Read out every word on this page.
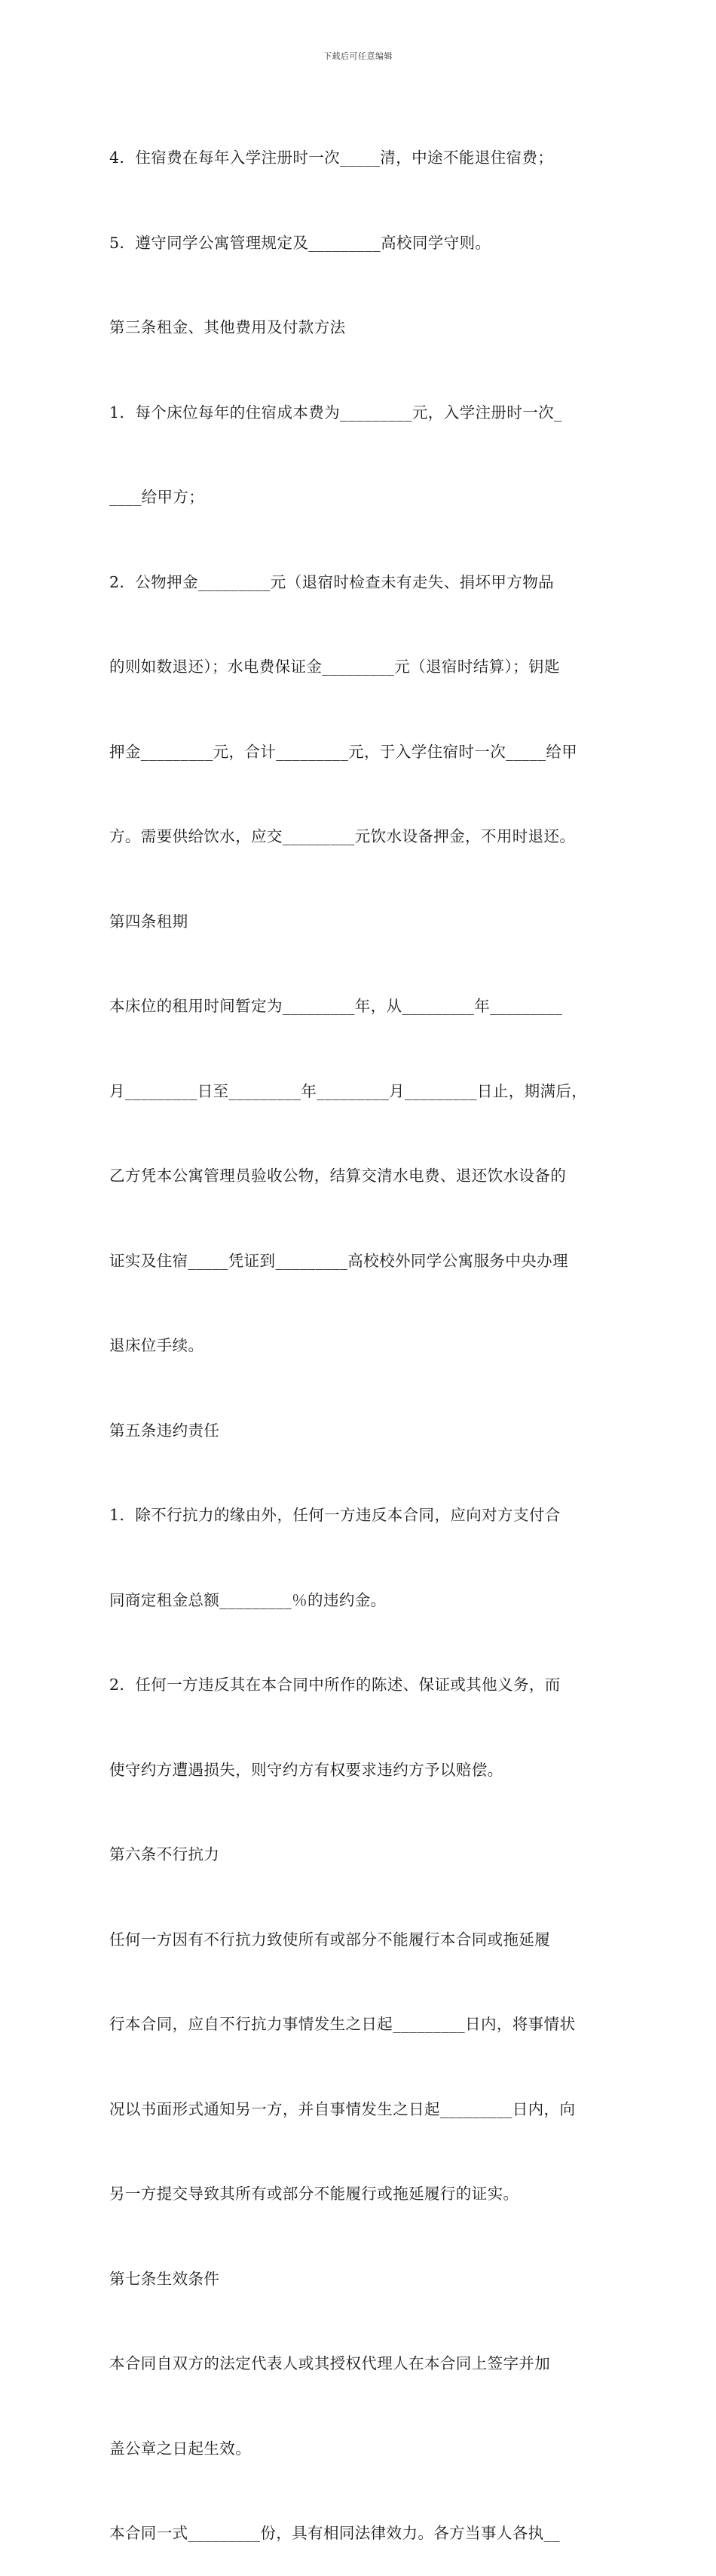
下载后可任意编辑

4．住宿费在每年入学注册时一次_____清，中途不能退住宿费；

5．遵守同学公寓管理规定及_________高校同学守则。

第三条租金、其他费用及付款方法

1．每个床位每年的住宿成本费为_________元，入学注册时一次_

____给甲方；

2．公物押金_________元（退宿时检查未有走失、捐坏甲方物品

的则如数退还）；水电费保证金_________元（退宿时结算）；钥匙

押金_________元，合计_________元，于入学住宿时一次_____给甲

方。需要供给饮水，应交_________元饮水设备押金，不用时退还。

第四条租期

本床位的租用时间暂定为_________年，从_________年_________

月_________日至_________年_________月_________日止，期满后，

乙方凭本公寓管理员验收公物，结算交清水电费、退还饮水设备的

证实及住宿_____凭证到_________高校校外同学公寓服务中央办理

退床位手续。

第五条违约责任

1．除不行抗力的缘由外，任何一方违反本合同，应向对方支付合

同商定租金总额_________％的违约金。

2．任何一方违反其在本合同中所作的陈述、保证或其他义务，而

使守约方遭遇损失，则守约方有权要求违约方予以赔偿。

第六条不行抗力

任何一方因有不行抗力致使所有或部分不能履行本合同或拖延履

行本合同，应自不行抗力事情发生之日起_________日内，将事情状

况以书面形式通知另一方，并自事情发生之日起_________日内，向

另一方提交导致其所有或部分不能履行或拖延履行的证实。

第七条生效条件

本合同自双方的法定代表人或其授权代理人在本合同上签字并加

盖公章之日起生效。

本合同一式_________份，具有相同法律效力。各方当事人各执__
